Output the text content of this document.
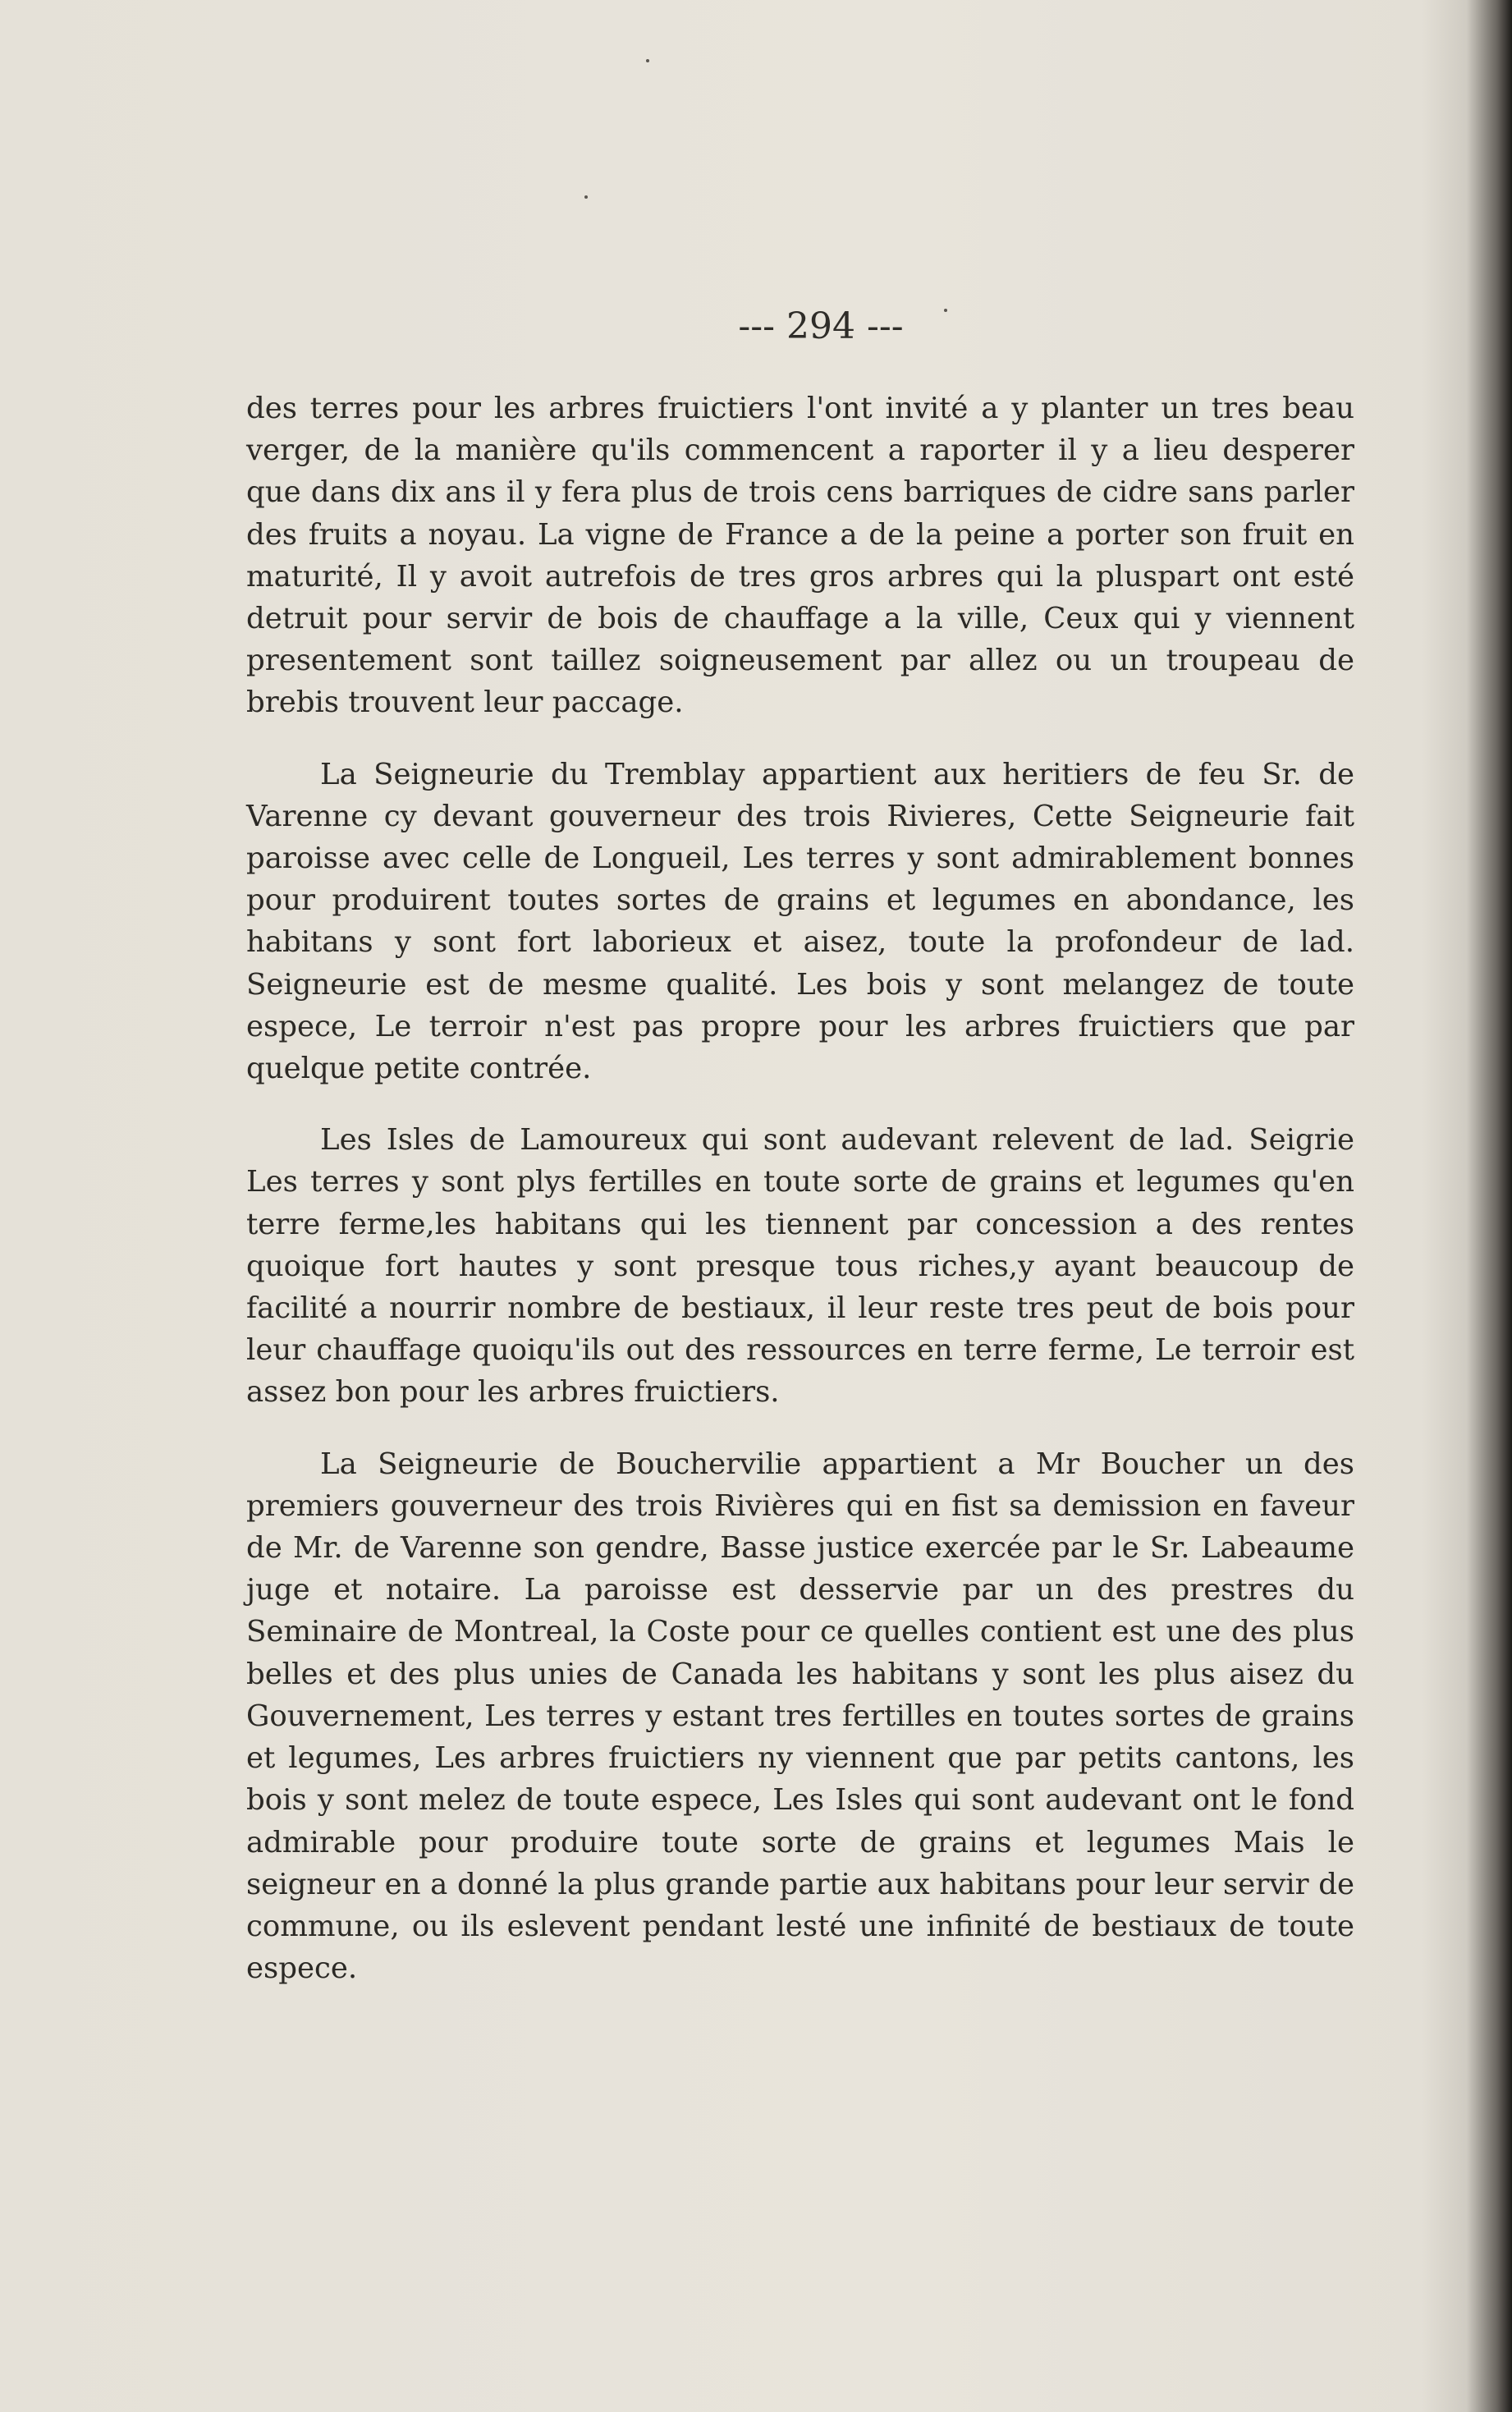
--- 294 ---

des terres pour les arbres fruictiers l'ont invité a y planter un tres beau verger, de la manière qu'ils commencent a raporter il y a lieu desperer que dans dix ans il y fera plus de trois cens barriques de cidre sans parler des fruits a noyau. La vigne de France a de la peine a porter son fruit en maturité, Il y avoit autrefois de tres gros arbres qui la pluspart ont esté detruit pour servir de bois de chauffage a la ville, Ceux qui y viennent presentement sont taillez soigneusement par allez ou un troupeau de brebis trouvent leur paccage.

La Seigneurie du Tremblay appartient aux heritiers de feu Sr. de Varenne cy devant gouverneur des trois Rivieres, Cette Seigneurie fait paroisse avec celle de Longueil, Les terres y sont admirablement bonnes pour produirent toutes sortes de grains et legumes en abondance, les habitans y sont fort laborieux et aisez, toute la profondeur de lad. Seigneurie est de mesme qualité. Les bois y sont melangez de toute espece, Le terroir n'est pas propre pour les arbres fruictiers que par quelque petite contrée.

Les Isles de Lamoureux qui sont audevant relevent de lad. Seigrie Les terres y sont plys fertilles en toute sorte de grains et legumes qu'en terre ferme,les habitans qui les tiennent par concession a des rentes quoique fort hautes y sont presque tous riches,y ayant beaucoup de facilité a nourrir nombre de bestiaux, il leur reste tres peut de bois pour leur chauffage quoiqu'ils out des ressources en terre ferme, Le terroir est assez bon pour les arbres fruictiers.

La Seigneurie de Bouchervilie appartient a Mr Boucher un des premiers gouverneur des trois Rivières qui en fist sa demission en faveur de Mr. de Varenne son gendre, Basse justice exercée par le Sr. Labeaume juge et notaire. La paroisse est desservie par un des prestres du Seminaire de Montreal, la Coste pour ce quelles contient est une des plus belles et des plus unies de Canada les habitans y sont les plus aisez du Gouvernement, Les terres y estant tres fertilles en toutes sortes de grains et legumes, Les arbres fruictiers ny viennent que par petits cantons, les bois y sont melez de toute espece, Les Isles qui sont audevant ont le fond admirable pour produire toute sorte de grains et legumes Mais le seigneur en a donné la plus grande partie aux habitans pour leur servir de commune, ou ils eslevent pendant lesté une infinité de bestiaux de toute espece.
